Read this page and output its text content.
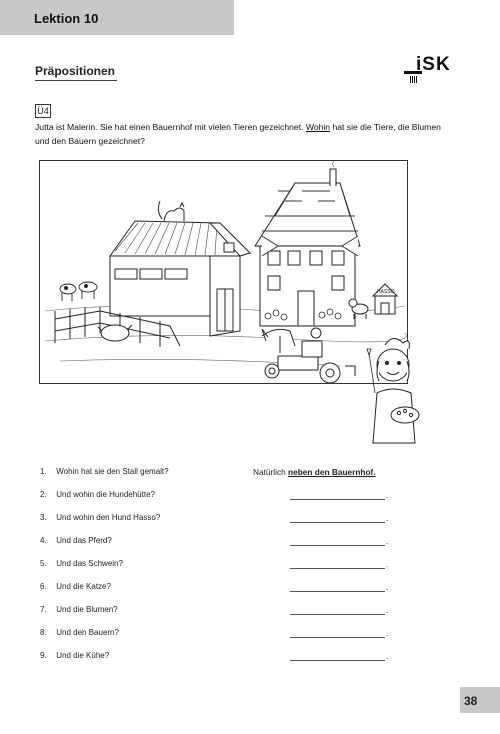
Lektion 10
Präpositionen	iSK
Ü4
Jutta ist Malerin. Sie hat einen Bauernhof mit vielen Tieren gezeichnet. Wohin hat sie die Tiere, die Blumen und den Bauern gezeichnet?
HASSO
1. Wohin hat sie den Stall gemalt?	Natürlich neben den Bauernhof.
2. Und wohin die Hundehütte?	.
3. Und wohin den Hund Hasso?	.
4. Und das Pferd?	.
5. Und das Schwein?	.
6. Und die Katze?	.
7. Und die Blumen?	.
8. Und den Bauern?	.
9. Und die Kühe?	.
38
